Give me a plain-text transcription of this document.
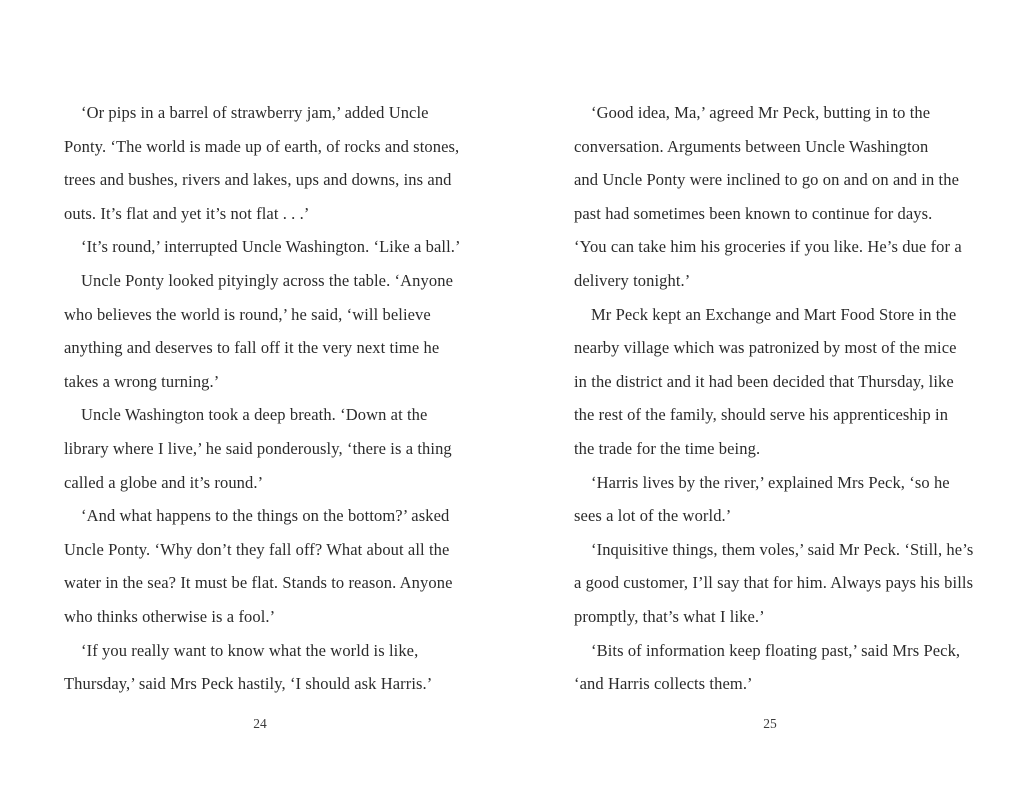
‘Or pips in a barrel of strawberry jam,’ added Uncle
Ponty. ‘The world is made up of earth, of rocks and stones,
trees and bushes, rivers and lakes, ups and downs, ins and
outs. It’s flat and yet it’s not flat . . .’

‘It’s round,’ interrupted Uncle Washington. ‘Like a ball.’

Uncle Ponty looked pityingly across the table. ‘Anyone
who believes the world is round,’ he said, ‘will believe
anything and deserves to fall off it the very next time he
takes a wrong turning.’

Uncle Washington took a deep breath. ‘Down at the
library where I live,’ he said ponderously, ‘there is a thing
called a globe and it’s round.’

‘And what happens to the things on the bottom?’ asked
Uncle Ponty. ‘Why don’t they fall off? What about all the
water in the sea? It must be flat. Stands to reason. Anyone
who thinks otherwise is a fool.’

‘If you really want to know what the world is like,
Thursday,’ said Mrs Peck hastily, ‘I should ask Harris.’

24

‘Good idea, Ma,’ agreed Mr Peck, butting in to the
conversation. Arguments between Uncle Washington
and Uncle Ponty were inclined to go on and on and in the
past had sometimes been known to continue for days.
‘You can take him his groceries if you like. He’s due for a
delivery tonight.’

Mr Peck kept an Exchange and Mart Food Store in the
nearby village which was patronized by most of the mice
in the district and it had been decided that Thursday, like
the rest of the family, should serve his apprenticeship in
the trade for the time being.

‘Harris lives by the river,’ explained Mrs Peck, ‘so he
sees a lot of the world.’

‘Inquisitive things, them voles,’ said Mr Peck. ‘Still, he’s
a good customer, I’ll say that for him. Always pays his bills
promptly, that’s what I like.’

‘Bits of information keep floating past,’ said Mrs Peck,
‘and Harris collects them.’

25
